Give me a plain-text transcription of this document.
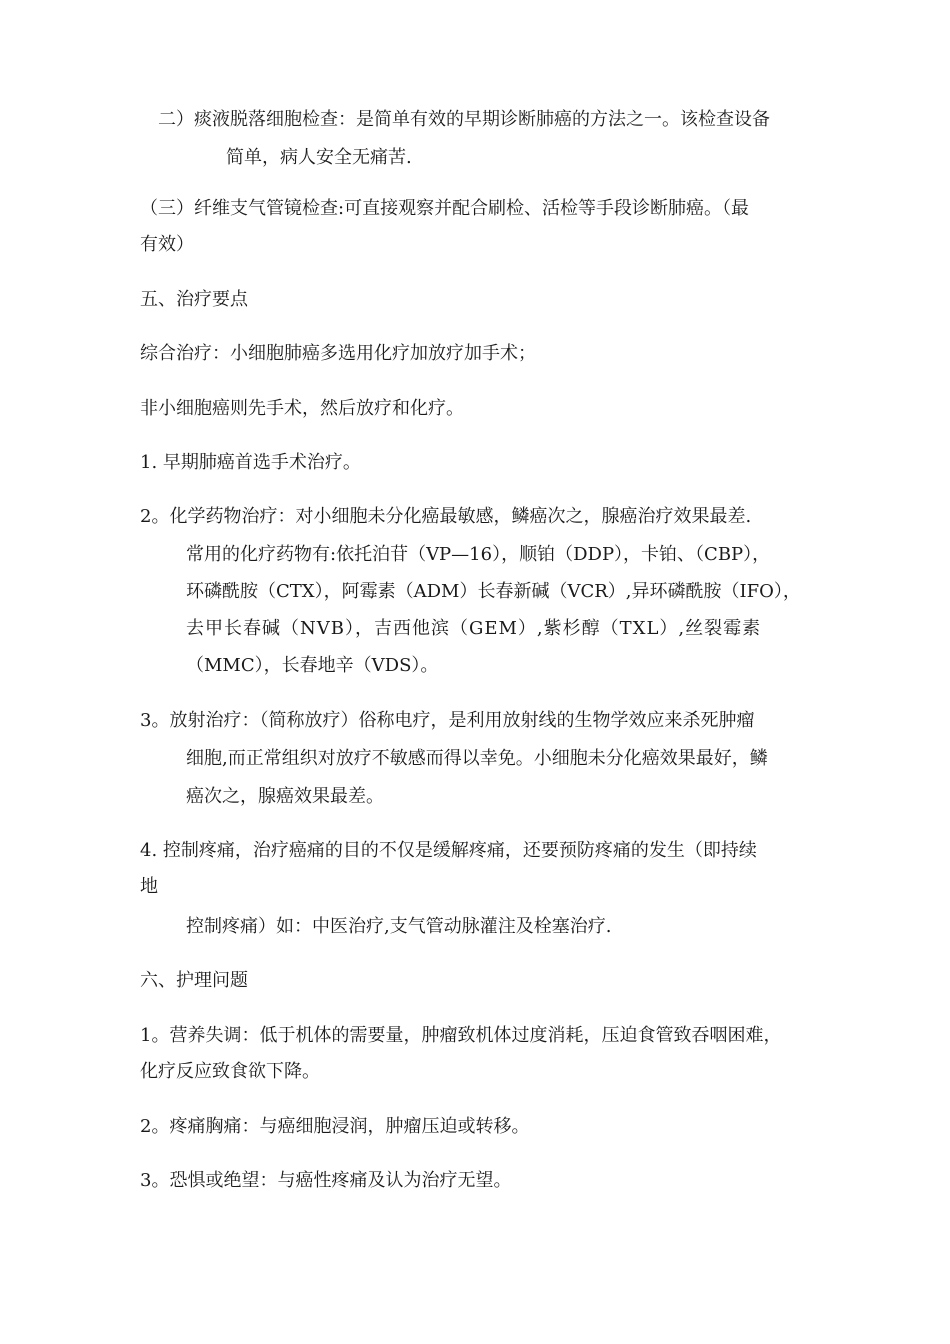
二）痰液脱落细胞检查：是简单有效的早期诊断肺癌的方法之一。该检查设备

简单，病人安全无痛苦.

（三）纤维支气管镜检查:可直接观察并配合刷检、活检等手段诊断肺癌。（最

有效）

五、治疗要点

综合治疗：小细胞肺癌多选用化疗加放疗加手术；

非小细胞癌则先手术，然后放疗和化疗。

1. 早期肺癌首选手术治疗。

2。化学药物治疗：对小细胞未分化癌最敏感，鳞癌次之，腺癌治疗效果最差.

常用的化疗药物有:依托泊苷（VP—16），顺铂（DDP），卡铂、（CBP），

环磷酰胺（CTX），阿霉素（ADM）长春新碱（VCR）,异环磷酰胺（IFO），

去甲长春碱（NVB），吉西他滨（GEM）,紫杉醇（TXL）,丝裂霉素

（MMC），长春地辛（VDS）。

3。放射治疗：（简称放疗）俗称电疗，是利用放射线的生物学效应来杀死肿瘤

细胞,而正常组织对放疗不敏感而得以幸免。小细胞未分化癌效果最好，鳞

癌次之，腺癌效果最差。

4. 控制疼痛，治疗癌痛的目的不仅是缓解疼痛，还要预防疼痛的发生（即持续

地

控制疼痛）如：中医治疗,支气管动脉灌注及栓塞治疗.

六、护理问题

1。营养失调：低于机体的需要量，肿瘤致机体过度消耗，压迫食管致吞咽困难，

化疗反应致食欲下降。

2。疼痛胸痛：与癌细胞浸润，肿瘤压迫或转移。

3。恐惧或绝望：与癌性疼痛及认为治疗无望。
